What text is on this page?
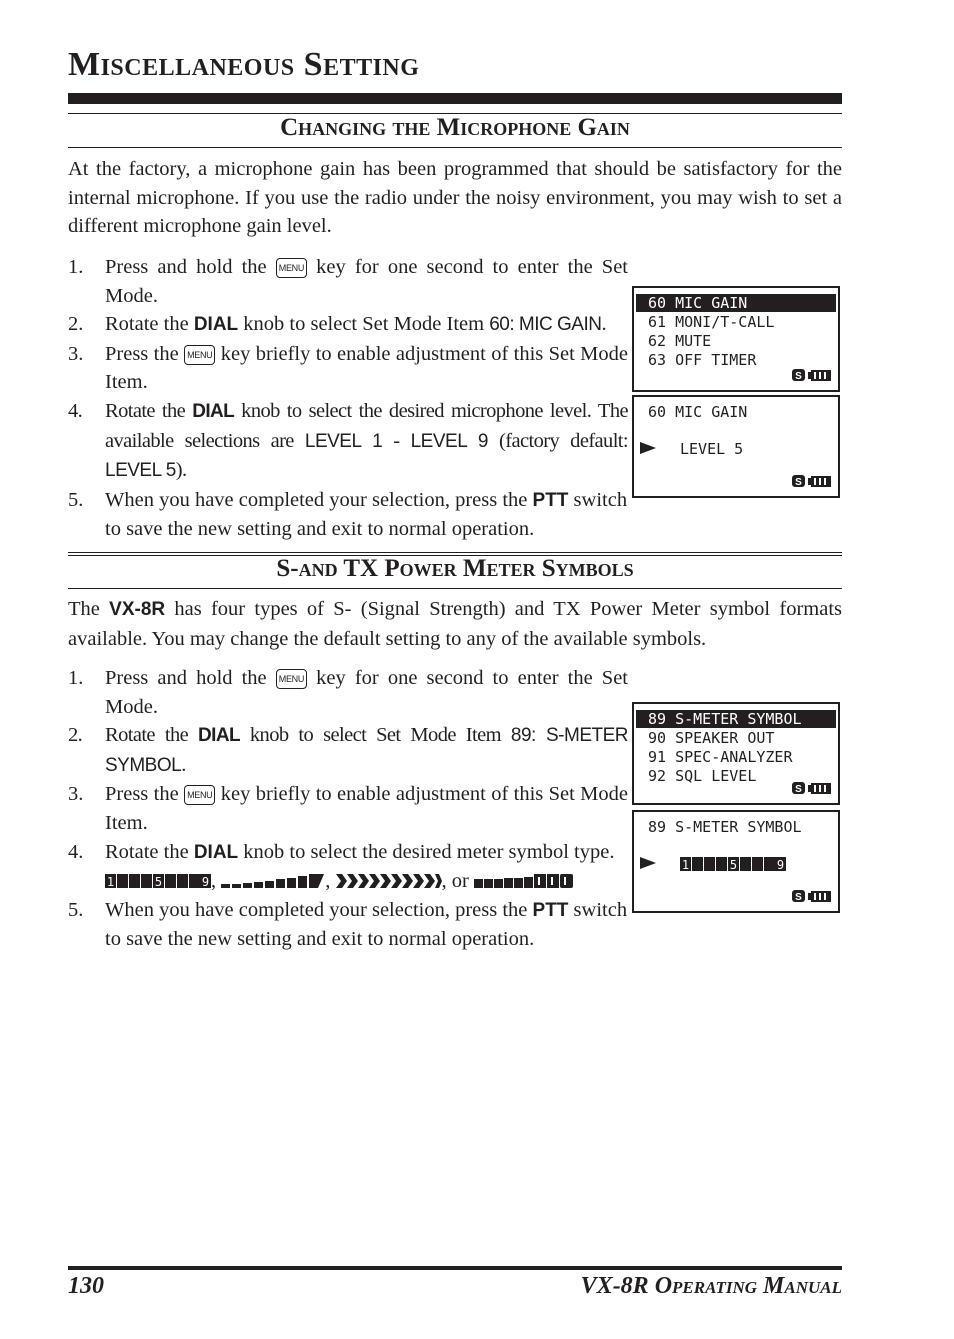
Miscellaneous Setting
Changing the Microphone Gain

At the factory, a microphone gain has been programmed that should be satisfactory for the internal microphone. If you use the radio under the noisy environment, you may wish to set a different microphone gain level.

1. Press and hold the MENU key for one second to enter the Set Mode.
2. Rotate the DIAL knob to select Set Mode Item 60: MIC GAIN.
3. Press the MENU key briefly to enable adjustment of this Set Mode Item.
4. Rotate the DIAL knob to select the desired microphone level. The available selections are LEVEL 1 - LEVEL 9 (factory default: LEVEL 5).
5. When you have completed your selection, press the PTT switch to save the new setting and exit to normal operation.
60 MIC GAIN
61 MONI/T-CALL
62 MUTE
63 OFF TIMER
S
60 MIC GAIN
LEVEL 5
S
S-and TX Power Meter Symbols

The VX-8R has four types of S- (Signal Strength) and TX Power Meter symbol formats available. You may change the default setting to any of the available symbols.

1. Press and hold the MENU key for one second to enter the Set Mode.
2. Rotate the DIAL knob to select Set Mode Item 89: S-METER SYMBOL.
3. Press the MENU key briefly to enable adjustment of this Set Mode Item.
4. Rotate the DIAL knob to select the desired meter symbol type.

1	5	9 ,	,	, or
5. When you have completed your selection, press the PTT switch to save the new setting and exit to normal operation.
89 S-METER SYMBOL
90 SPEAKER OUT
91 SPEC-ANALYZER
92 SQL LEVEL
S
89 S-METER SYMBOL
1	5	9
S
130	VX-8R Operating Manual
